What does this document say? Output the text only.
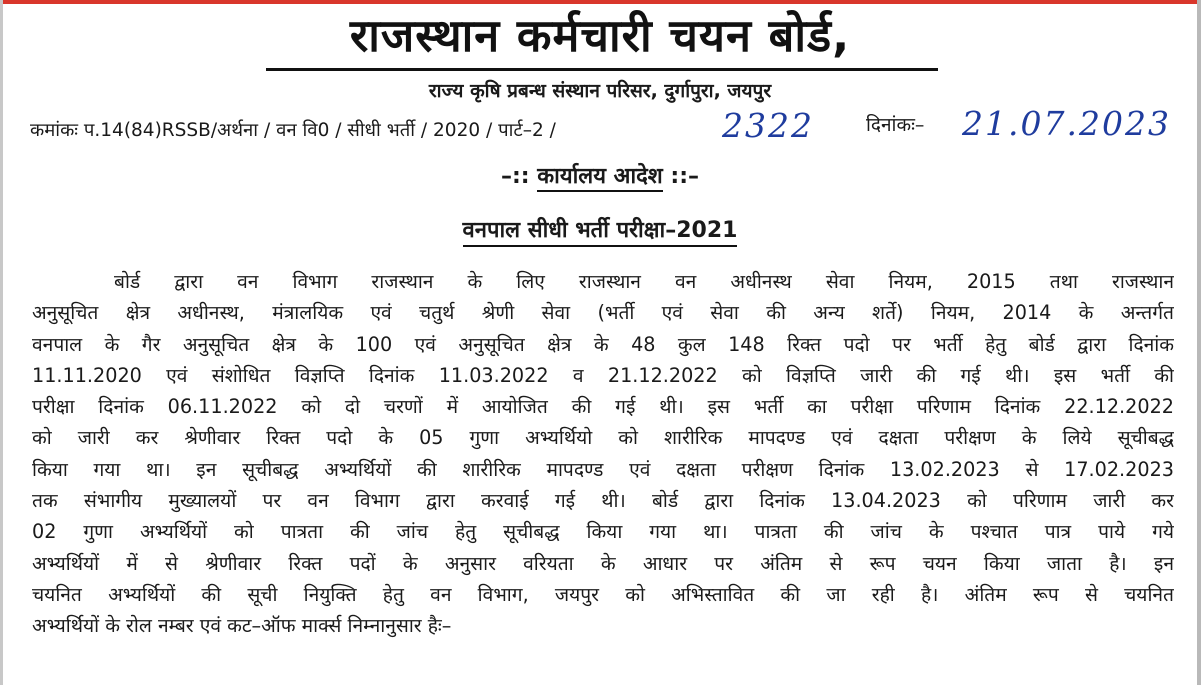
राजस्थान कर्मचारी चयन बोर्ड,
राज्य कृषि प्रबन्ध संस्थान परिसर, दुर्गापुरा, जयपुर
कमांकः प.14(84)RSSB/अर्थना / वन वि0 / सीधी भर्ती / 2020 / पार्ट–2 /	2322	दिनांकः– 21.07.2023
–:: कार्यालय आदेश ::–
वनपाल सीधी भर्ती परीक्षा–2021
बोर्ड द्वारा वन विभाग राजस्थान के लिए राजस्थान वन अधीनस्थ सेवा नियम, 2015 तथा राजस्थान
अनुसूचित क्षेत्र अधीनस्थ, मंत्रालयिक एवं चतुर्थ श्रेणी सेवा (भर्ती एवं सेवा की अन्य शर्ते) नियम, 2014 के अन्तर्गत
वनपाल के गैर अनुसूचित क्षेत्र के 100 एवं अनुसूचित क्षेत्र के 48 कुल 148 रिक्त पदो पर भर्ती हेतु बोर्ड द्वारा दिनांक
11.11.2020 एवं संशोधित विज्ञप्ति दिनांक 11.03.2022 व 21.12.2022 को विज्ञप्ति जारी की गई थी। इस भर्ती की
परीक्षा दिनांक 06.11.2022 को दो चरणों में आयोजित की गई थी। इस भर्ती का परीक्षा परिणाम दिनांक 22.12.2022
को जारी कर श्रेणीवार रिक्त पदो के 05 गुणा अभ्यर्थियो को शारीरिक मापदण्ड एवं दक्षता परीक्षण के लिये सूचीबद्ध
किया गया था। इन सूचीबद्ध अभ्यर्थियों की शारीरिक मापदण्ड एवं दक्षता परीक्षण दिनांक 13.02.2023 से 17.02.2023
तक संभागीय मुख्यालयों पर वन विभाग द्वारा करवाई गई थी। बोर्ड द्वारा दिनांक 13.04.2023 को परिणाम जारी कर
02 गुणा अभ्यर्थियों को पात्रता की जांच हेतु सूचीबद्ध किया गया था। पात्रता की जांच के पश्चात पात्र पाये गये
अभ्यर्थियों में से श्रेणीवार रिक्त पदों के अनुसार वरियता के आधार पर अंतिम से रूप चयन किया जाता है। इन
चयनित अभ्यर्थियों की सूची नियुक्ति हेतु वन विभाग, जयपुर को अभिस्तावित की जा रही है। अंतिम रूप से चयनित
अभ्यर्थियों के रोल नम्बर एवं कट–ऑफ मार्क्स निम्नानुसार हैः–
